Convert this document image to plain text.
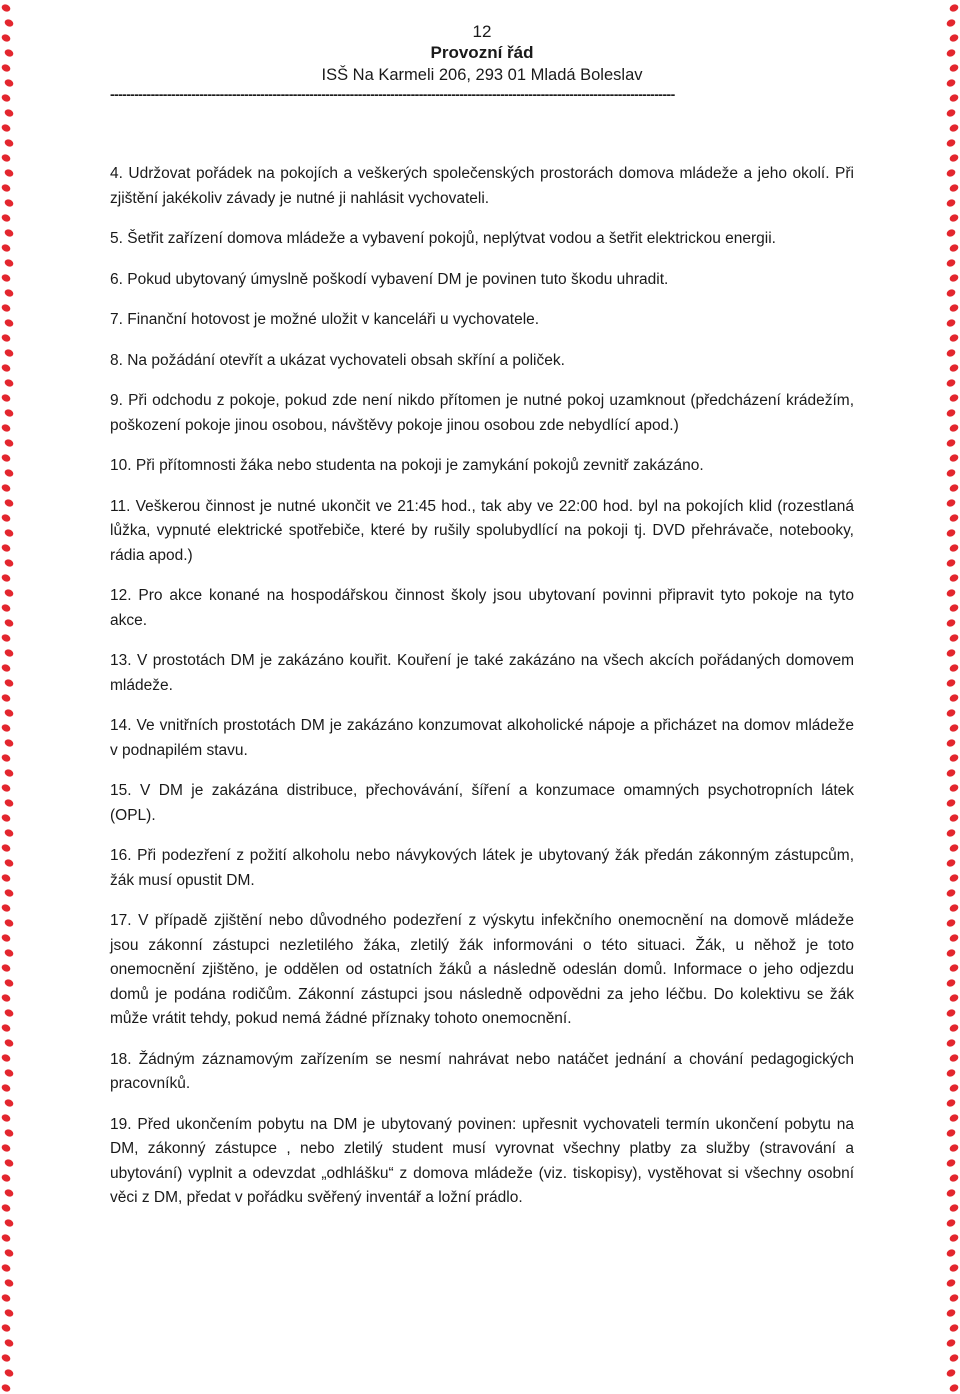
12
Provozní řád
ISŠ Na Karmeli 206, 293 01 Mladá Boleslav
-------------------------------------------------------------------------------------------------------------------------------------------

4. Udržovat pořádek na pokojích a veškerých společenských prostorách domova mládeže a jeho okolí. Při zjištění jakékoliv závady je nutné ji nahlásit vychovateli.

5. Šetřit zařízení domova mládeže a vybavení pokojů, neplýtvat vodou a šetřit elektrickou energii.

6. Pokud ubytovaný úmyslně poškodí vybavení DM je povinen tuto škodu uhradit.

7. Finanční hotovost je možné uložit v kanceláři u vychovatele.

8. Na požádání otevřít a ukázat vychovateli obsah skříní a poliček.

9. Při odchodu z pokoje, pokud zde není nikdo přítomen je nutné pokoj uzamknout (předcházení krádežím, poškození pokoje jinou osobou, návštěvy pokoje jinou osobou zde nebydlící apod.)

10. Při přítomnosti žáka nebo studenta na pokoji je zamykání pokojů zevnitř zakázáno.

11. Veškerou činnost je nutné ukončit ve 21:45 hod., tak aby ve 22:00 hod. byl na pokojích klid (rozestlaná lůžka, vypnuté elektrické spotřebiče, které by rušily spolubydlící na pokoji tj. DVD přehrávače, notebooky, rádia apod.)

12. Pro akce konané na hospodářskou činnost školy jsou ubytovaní povinni připravit tyto pokoje na tyto akce.

13. V prostotách DM je zakázáno kouřit. Kouření je také zakázáno na všech akcích pořádaných domovem mládeže.

14. Ve vnitřních prostotách DM je zakázáno konzumovat alkoholické nápoje a přicházet na domov mládeže v podnapilém stavu.

15. V DM je zakázána distribuce, přechovávání, šíření a konzumace omamných psychotropních látek (OPL).

16. Při podezření z požití alkoholu nebo návykových látek je ubytovaný žák předán zákonným zástupcům, žák musí opustit DM.

17. V případě zjištění nebo důvodného podezření z výskytu infekčního onemocnění na domově mládeže jsou zákonní zástupci nezletilého žáka, zletilý žák informováni o této situaci. Žák, u něhož je toto onemocnění zjištěno, je oddělen od ostatních žáků a následně odeslán domů. Informace o jeho odjezdu domů je podána rodičům. Zákonní zástupci jsou následně odpovědni za jeho léčbu. Do kolektivu se žák může vrátit tehdy, pokud nemá žádné příznaky tohoto onemocnění.

18. Žádným záznamovým zařízením se nesmí nahrávat nebo natáčet jednání a chování pedagogických pracovníků.

19. Před ukončením pobytu na DM je ubytovaný povinen: upřesnit vychovateli termín ukončení pobytu na DM, zákonný zástupce , nebo zletilý student musí vyrovnat všechny platby za služby (stravování a ubytování) vyplnit a odevzdat „odhlášku“ z domova mládeže (viz. tiskopisy), vystěhovat si všechny osobní věci z DM, předat v pořádku svěřený inventář a ložní prádlo.
